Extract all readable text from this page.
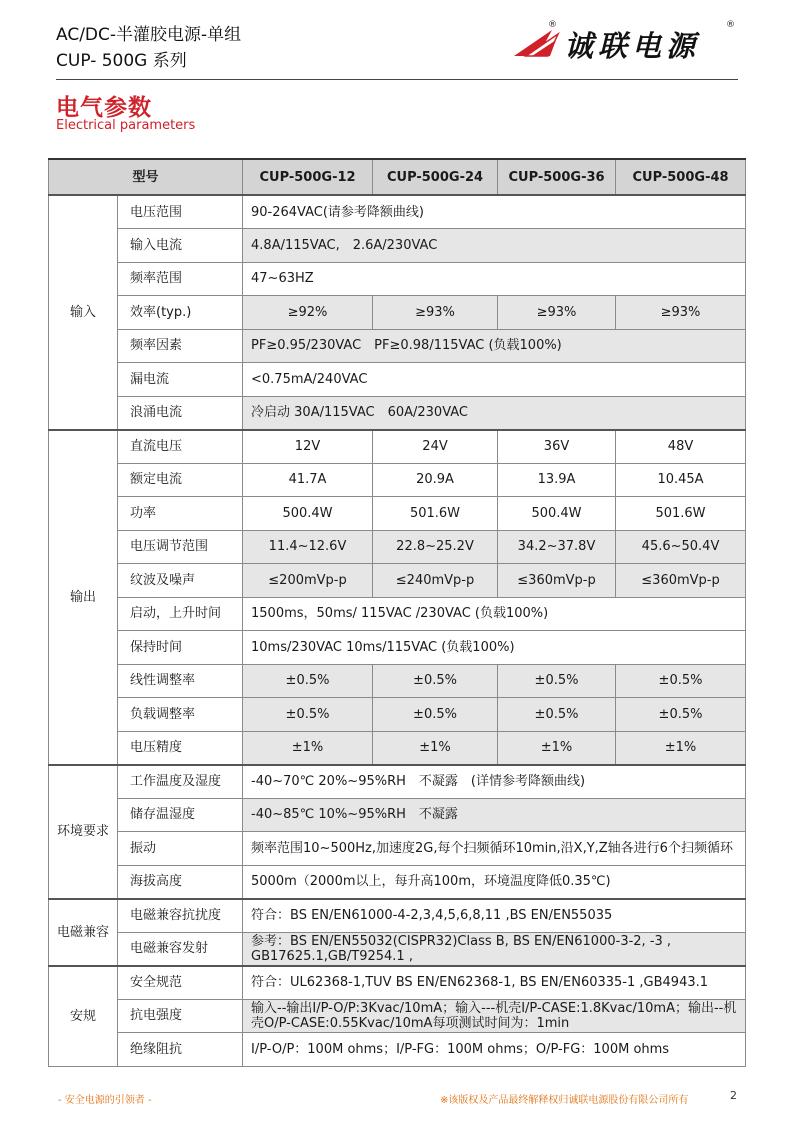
AC/DC-半灌胶电源-单组
CUP- 500G 系列
®
诚联电源
®
电气参数
Electrical parameters
型号		CUP-500G-12	CUP-500G-24	CUP-500G-36	CUP-500G-48
输入	电压范围	90-264VAC(请参考降额曲线)			
	输入电流	4.8A/115VAC,　2.6A/230VAC			
	频率范围	47~63HZ			
	效率(typ.)	≥92%	≥93%	≥93%	≥93%
	频率因素	PF≥0.95/230VAC　PF≥0.98/115VAC (负载100%)			
	漏电流	<0.75mA/240VAC			
	浪涌电流	冷启动 30A/115VAC　60A/230VAC			
输出	直流电压	12V	24V	36V	48V
	额定电流	41.7A	20.9A	13.9A	10.45A
	功率	500.4W	501.6W	500.4W	501.6W
	电压调节范围	11.4~12.6V	22.8~25.2V	34.2~37.8V	45.6~50.4V
	纹波及噪声	≤200mVp-p	≤240mVp-p	≤360mVp-p	≤360mVp-p
	启动，上升时间	1500ms，50ms/ 115VAC /230VAC (负载100%)			
	保持时间	10ms/230VAC 10ms/115VAC (负载100%)			
	线性调整率	±0.5%	±0.5%	±0.5%	±0.5%
	负载调整率	±0.5%	±0.5%	±0.5%	±0.5%
	电压精度	±1%	±1%	±1%	±1%
环境要求	工作温度及湿度	-40~70℃ 20%~95%RH　不凝露　(详情参考降额曲线)			
	储存温湿度	-40~85℃ 10%~95%RH　不凝露			
	振动	频率范围10~500Hz,加速度2G,每个扫频循环10min,沿X,Y,Z轴各进行6个扫频循环			
	海拔高度	5000m（2000m以上，每升高100m，环境温度降低0.35℃)			
电磁兼容	电磁兼容抗扰度	符合：BS EN/EN61000-4-2,3,4,5,6,8,11 ,BS EN/EN55035			
	电磁兼容发射	参考：BS EN/EN55032(CISPR32)Class B, BS EN/EN61000-3-2, -3 , GB17625.1,GB/T9254.1 ,			
安规	安全规范	符合：UL62368-1,TUV BS EN/EN62368-1, BS EN/EN60335-1 ,GB4943.1			
	抗电强度	输入--输出I/P-O/P:3Kvac/10mA；输入---机壳I/P-CASE:1.8Kvac/10mA；输出--机壳O/P-CASE:0.55Kvac/10mA每项测试时间为：1min			
	绝缘阻抗	I/P-O/P：100M ohms；I/P-FG：100M ohms；O/P-FG：100M ohms			
- 安全电源的引领者 -	※该版权及产品最终解释权归诚联电源股份有限公司所有	2
